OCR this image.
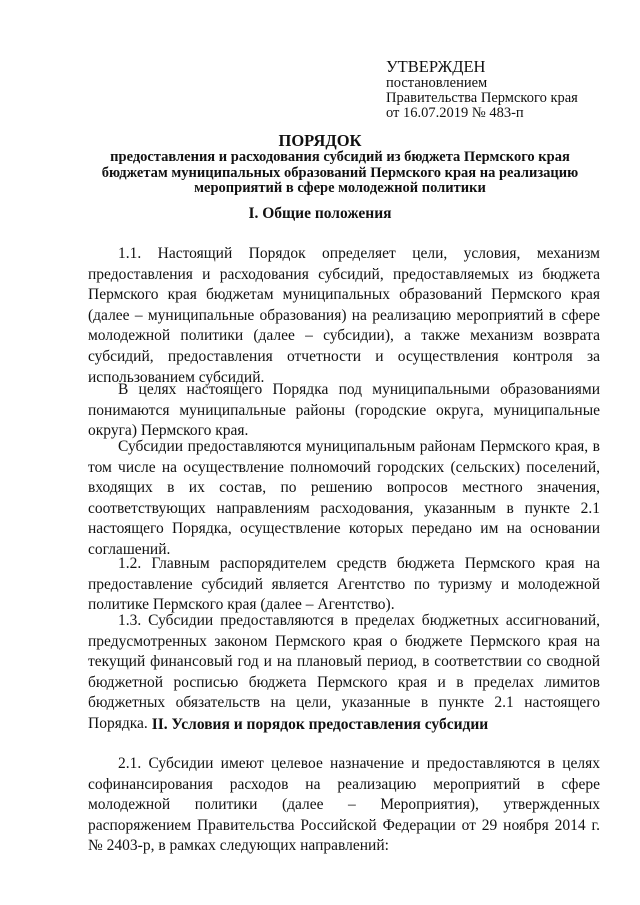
УТВЕРЖДЕН
постановлением
Правительства Пермского края
от 16.07.2019 № 483-п
ПОРЯДОК
предоставления и расходования субсидий из бюджета Пермского края
бюджетам муниципальных образований Пермского края на реализацию
мероприятий в сфере молодежной политики
I. Общие положения

1.1. Настоящий Порядок определяет цели, условия, механизм предоставления и расходования субсидий, предоставляемых из бюджета Пермского края бюджетам муниципальных образований Пермского края (далее – муниципальные образования) на реализацию мероприятий в сфере молодежной политики (далее – субсидии), а также механизм возврата субсидий, предоставления отчетности и осуществления контроля за использованием субсидий.

В целях настоящего Порядка под муниципальными образованиями понимаются муниципальные районы (городские округа, муниципальные округа) Пермского края.

Субсидии предоставляются муниципальным районам Пермского края, в том числе на осуществление полномочий городских (сельских) поселений, входящих в их состав, по решению вопросов местного значения, соответствующих направлениям расходования, указанным в пункте 2.1 настоящего Порядка, осуществление которых передано им на основании соглашений.

1.2. Главным распорядителем средств бюджета Пермского края на предоставление субсидий является Агентство по туризму и молодежной политике Пермского края (далее – Агентство).

1.3. Субсидии предоставляются в пределах бюджетных ассигнований, предусмотренных законом Пермского края о бюджете Пермского края на текущий финансовый год и на плановый период, в соответствии со сводной бюджетной росписью бюджета Пермского края и в пределах лимитов бюджетных обязательств на цели, указанные в пункте 2.1 настоящего Порядка. II. Условия и порядок предоставления субсидии

2.1. Субсидии имеют целевое назначение и предоставляются в целях софинансирования расходов на реализацию мероприятий в сфере молодежной политики (далее – Мероприятия), утвержденных распоряжением Правительства Российской Федерации от 29 ноября 2014 г. № 2403-р, в рамках следующих направлений:
